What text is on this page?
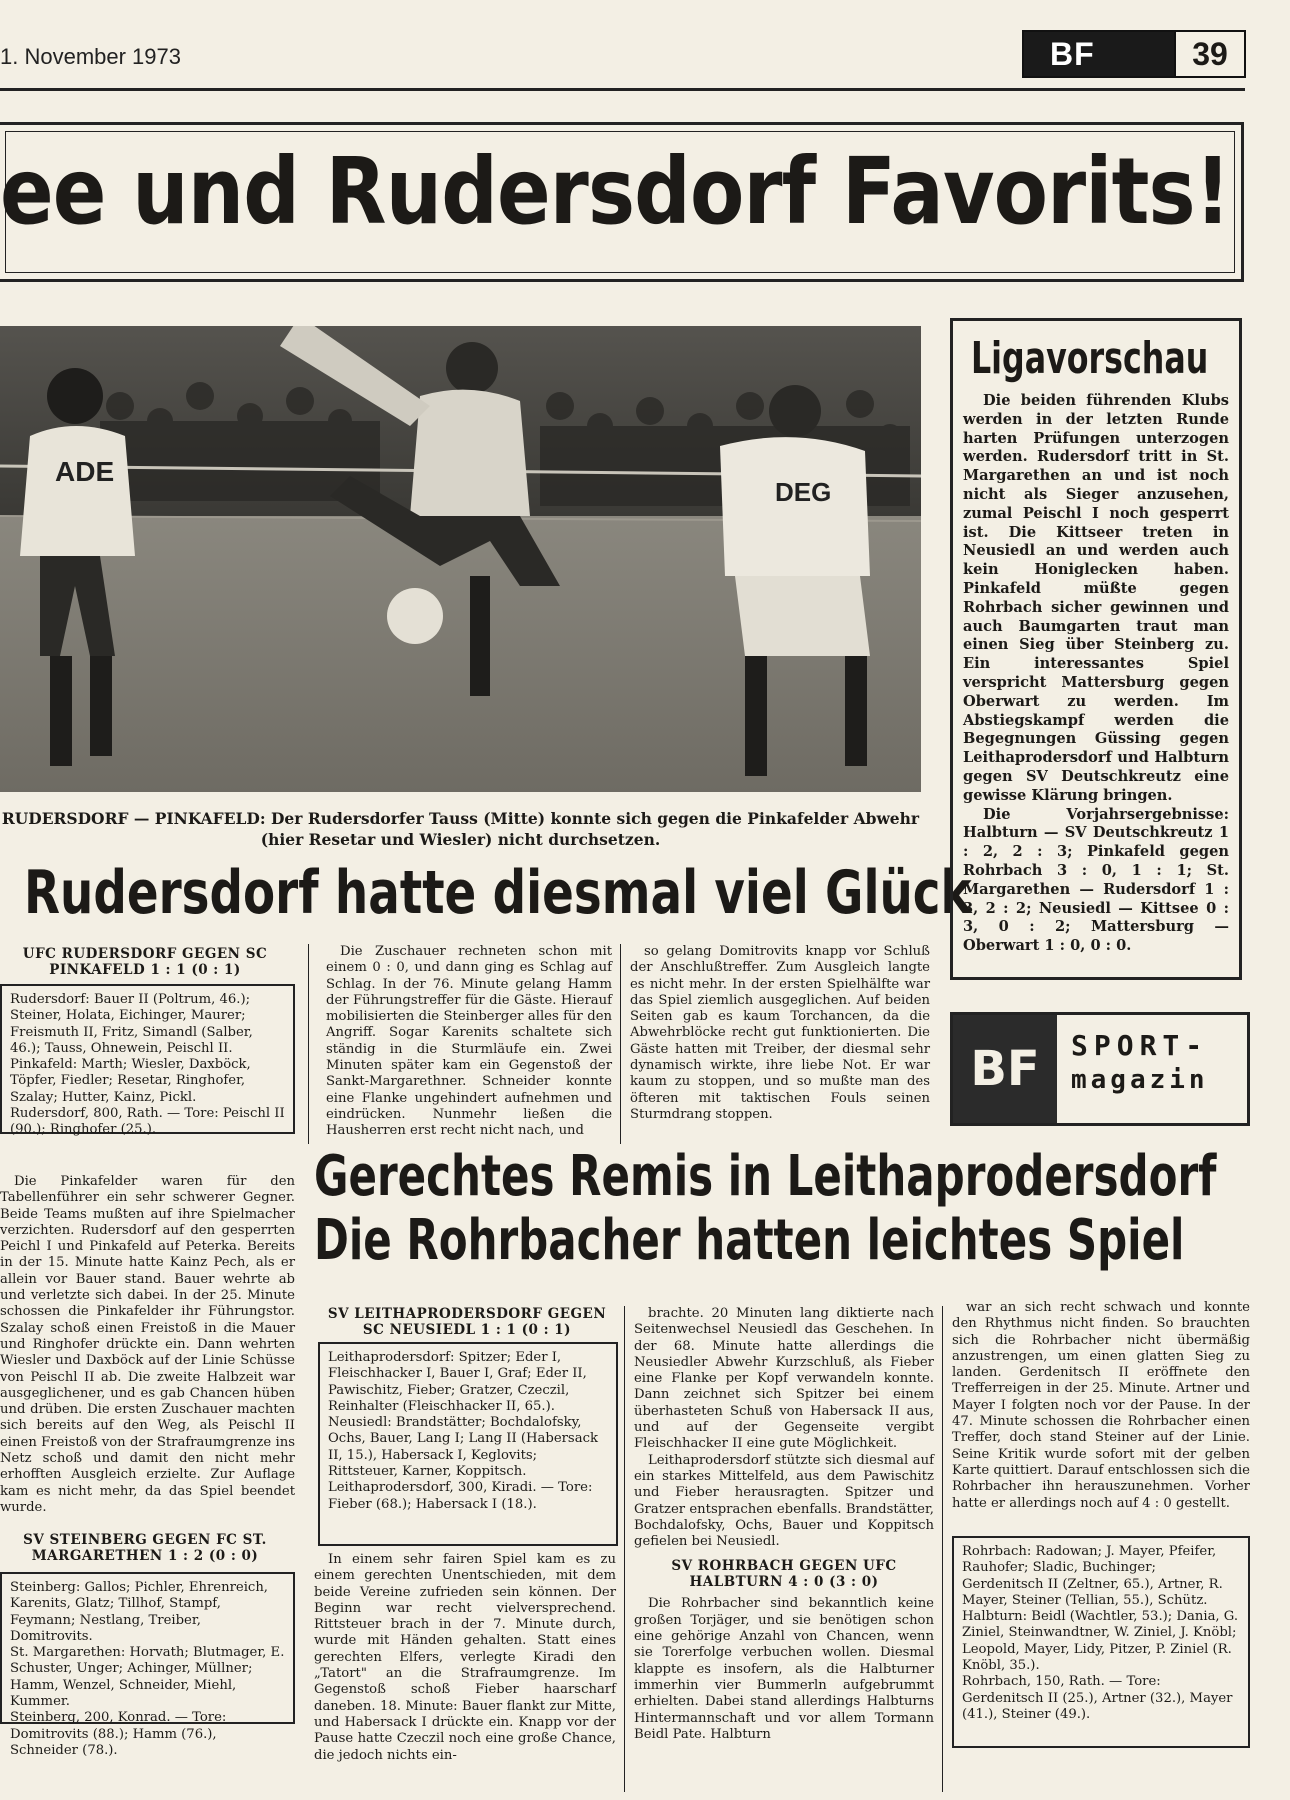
1. November 1973	BF	39
ee und Rudersdorf Favorits!
ADE
DEG
RUDERSDORF — PINKAFELD: Der Rudersdorfer Tauss (Mitte) konnte sich gegen die Pinkafelder Abwehr (hier Resetar und Wiesler) nicht durchsetzen.
Rudersdorf hatte diesmal viel Glück
UFC RUDERSDORF GEGEN SC PINKAFELD 1 : 1 (0 : 1)
Rudersdorf: Bauer II (Poltrum, 46.); Steiner, Holata, Eichinger, Maurer; Freismuth II, Fritz, Simandl (Salber, 46.); Tauss, Ohnewein, Peischl II.
Pinkafeld: Marth; Wiesler, Daxböck, Töpfer, Fiedler; Resetar, Ringhofer, Szalay; Hutter, Kainz, Pickl.
Rudersdorf, 800, Rath. — Tore: Peischl II (90.); Ringhofer (25.).

Die Pinkafelder waren für den Tabellenführer ein sehr schwerer Gegner. Beide Teams mußten auf ihre Spielmacher verzichten. Rudersdorf auf den gesperrten Peichl I und Pinkafeld auf Peterka. Bereits in der 15. Minute hatte Kainz Pech, als er allein vor Bauer stand. Bauer wehrte ab und verletzte sich dabei. In der 25. Minute schossen die Pinkafelder ihr Führungstor. Szalay schoß einen Freistoß in die Mauer und Ringhofer drückte ein. Dann wehrten Wiesler und Daxböck auf der Linie Schüsse von Peischl II ab. Die zweite Halbzeit war ausgeglichener, und es gab Chancen hüben und drüben. Die ersten Zuschauer machten sich bereits auf den Weg, als Peischl II einen Freistoß von der Strafraumgrenze ins Netz schoß und damit den nicht mehr erhofften Ausgleich erzielte. Zur Auflage kam es nicht mehr, da das Spiel beendet wurde.

SV STEINBERG GEGEN FC ST. MARGARETHEN 1 : 2 (0 : 0)
Steinberg: Gallos; Pichler, Ehrenreich, Karenits, Glatz; Tillhof, Stampf, Feymann; Nestlang, Treiber, Domitrovits.
St. Margarethen: Horvath; Blutmager, E. Schuster, Unger; Achinger, Müllner; Hamm, Wenzel, Schneider, Miehl, Kummer.
Steinberg, 200, Konrad. — Tore: Domitrovits (88.); Hamm (76.), Schneider (78.).

Die Zuschauer rechneten schon mit einem 0 : 0, und dann ging es Schlag auf Schlag. In der 76. Minute gelang Hamm der Führungstreffer für die Gäste. Hierauf mobilisierten die Steinberger alles für den Angriff. Sogar Karenits schaltete sich ständig in die Sturmläufe ein. Zwei Minuten später kam ein Gegenstoß der Sankt-Margarethner. Schneider konnte eine Flanke ungehindert aufnehmen und eindrücken. Nunmehr ließen die Hausherren erst recht nicht nach, und

so gelang Domitrovits knapp vor Schluß der Anschlußtreffer. Zum Ausgleich langte es nicht mehr. In der ersten Spielhälfte war das Spiel ziemlich ausgeglichen. Auf beiden Seiten gab es kaum Torchancen, da die Abwehrblöcke recht gut funktionierten. Die Gäste hatten mit Treiber, der diesmal sehr dynamisch wirkte, ihre liebe Not. Er war kaum zu stoppen, und so mußte man des öfteren mit taktischen Fouls seinen Sturmdrang stoppen.

Ligavorschau

Die beiden führenden Klubs werden in der letzten Runde harten Prüfungen unterzogen werden. Rudersdorf tritt in St. Margarethen an und ist noch nicht als Sieger anzusehen, zumal Peischl I noch gesperrt ist. Die Kittseer treten in Neusiedl an und werden auch kein Honiglecken haben. Pinkafeld müßte gegen Rohrbach sicher gewinnen und auch Baumgarten traut man einen Sieg über Steinberg zu. Ein interessantes Spiel verspricht Mattersburg gegen Oberwart zu werden. Im Abstiegskampf werden die Begegnungen Güssing gegen Leithaprodersdorf und Halbturn gegen SV Deutschkreutz eine gewisse Klärung bringen.

Die Vorjahrsergebnisse: Halbturn — SV Deutschkreutz 1 : 2, 2 : 3; Pinkafeld gegen Rohrbach 3 : 0, 1 : 1; St. Margarethen — Rudersdorf 1 : 3, 2 : 2; Neusiedl — Kittsee 0 : 3, 0 : 2; Mattersburg — Oberwart 1 : 0, 0 : 0.

BF	SPORT-
magazin
Gerechtes Remis in Leithaprodersdorf
Die Rohrbacher hatten leichtes Spiel
SV LEITHAPRODERSDORF GEGEN SC NEUSIEDL 1 : 1 (0 : 1)
Leithaprodersdorf: Spitzer; Eder I, Fleischhacker I, Bauer I, Graf; Eder II, Pawischitz, Fieber; Gratzer, Czeczil, Reinhalter (Fleischhacker II, 65.).
Neusiedl: Brandstätter; Bochdalofsky, Ochs, Bauer, Lang I; Lang II (Habersack II, 15.), Habersack I, Keglovits; Rittsteuer, Karner, Koppitsch.
Leithaprodersdorf, 300, Kiradi. — Tore: Fieber (68.); Habersack I (18.).

In einem sehr fairen Spiel kam es zu einem gerechten Unentschieden, mit dem beide Vereine zufrieden sein können. Der Beginn war recht vielversprechend. Rittsteuer brach in der 7. Minute durch, wurde mit Händen gehalten. Statt eines gerechten Elfers, verlegte Kiradi den „Tatort" an die Strafraumgrenze. Im Gegenstoß schoß Fieber haarscharf daneben. 18. Minute: Bauer flankt zur Mitte, und Habersack I drückte ein. Knapp vor der Pause hatte Czeczil noch eine große Chance, die jedoch nichts ein-

brachte. 20 Minuten lang diktierte nach Seitenwechsel Neusiedl das Geschehen. In der 68. Minute hatte allerdings die Neusiedler Abwehr Kurzschluß, als Fieber eine Flanke per Kopf verwandeln konnte. Dann zeichnet sich Spitzer bei einem überhasteten Schuß von Habersack II aus, und auf der Gegenseite vergibt Fleischhacker II eine gute Möglichkeit.

Leithaprodersdorf stützte sich diesmal auf ein starkes Mittelfeld, aus dem Pawischitz und Fieber herausragten. Spitzer und Gratzer entsprachen ebenfalls. Brandstätter, Bochdalofsky, Ochs, Bauer und Koppitsch gefielen bei Neusiedl.

SV ROHRBACH GEGEN UFC HALBTURN 4 : 0 (3 : 0)

Die Rohrbacher sind bekanntlich keine großen Torjäger, und sie benötigen schon eine gehörige Anzahl von Chancen, wenn sie Torerfolge verbuchen wollen. Diesmal klappte es insofern, als die Halbturner immerhin vier Bummerln aufgebrummt erhielten. Dabei stand allerdings Halbturns Hintermannschaft und vor allem Tormann Beidl Pate. Halbturn

war an sich recht schwach und konnte den Rhythmus nicht finden. So brauchten sich die Rohrbacher nicht übermäßig anzustrengen, um einen glatten Sieg zu landen. Gerdenitsch II eröffnete den Trefferreigen in der 25. Minute. Artner und Mayer I folgten noch vor der Pause. In der 47. Minute schossen die Rohrbacher einen Treffer, doch stand Steiner auf der Linie. Seine Kritik wurde sofort mit der gelben Karte quittiert. Darauf entschlossen sich die Rohrbacher ihn herauszunehmen. Vorher hatte er allerdings noch auf 4 : 0 gestellt.

Rohrbach: Radowan; J. Mayer, Pfeifer, Rauhofer; Sladic, Buchinger; Gerdenitsch II (Zeltner, 65.), Artner, R. Mayer, Steiner (Tellian, 55.), Schütz.
Halbturn: Beidl (Wachtler, 53.); Dania, G. Ziniel, Steinwandtner, W. Ziniel, J. Knöbl; Leopold, Mayer, Lidy, Pitzer, P. Ziniel (R. Knöbl, 35.).
Rohrbach, 150, Rath. — Tore: Gerdenitsch II (25.), Artner (32.), Mayer (41.), Steiner (49.).
